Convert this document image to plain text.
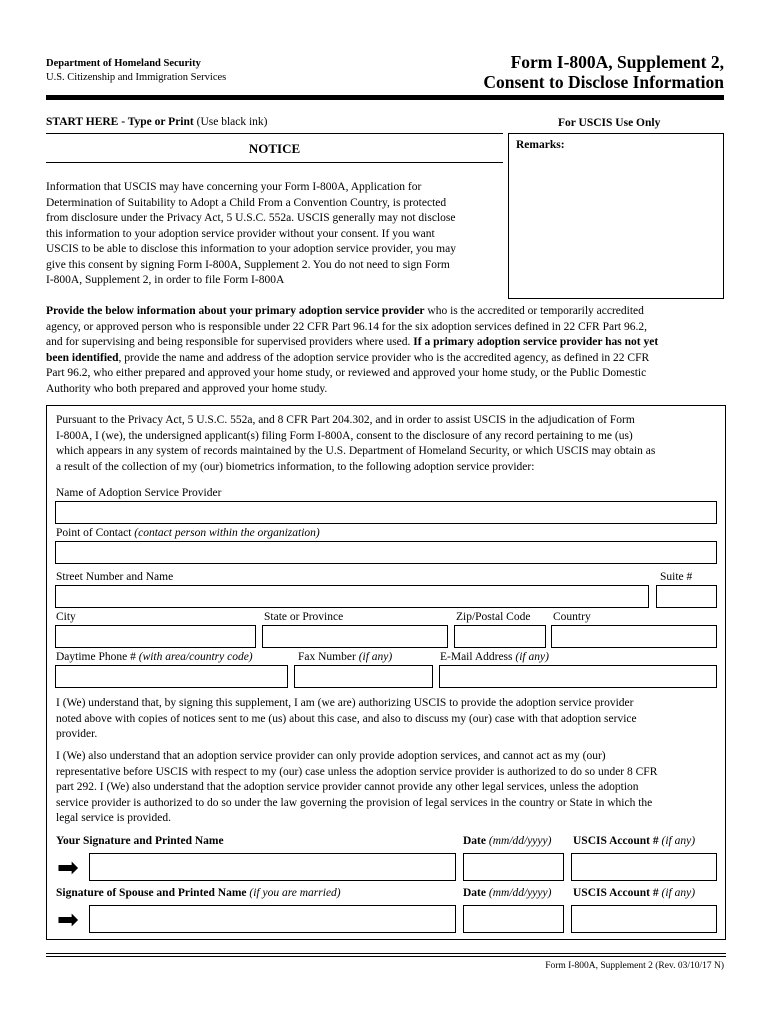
Department of Homeland Security
U.S. Citizenship and Immigration Services
Form I-800A, Supplement 2,
Consent to Disclose Information
START HERE - Type or Print (Use black ink)	For USCIS Use Only
NOTICE	Remarks:
Information that USCIS may have concerning your Form I-800A, Application for
Determination of Suitability to Adopt a Child From a Convention Country, is protected
from disclosure under the Privacy Act, 5 U.S.C. 552a. USCIS generally may not disclose
this information to your adoption service provider without your consent. If you want
USCIS to be able to disclose this information to your adoption service provider, you may
give this consent by signing Form I-800A, Supplement 2. You do not need to sign Form
I-800A, Supplement 2, in order to file Form I-800A
Provide the below information about your primary adoption service provider who is the accredited or temporarily accredited
agency, or approved person who is responsible under 22 CFR Part 96.14 for the six adoption services defined in 22 CFR Part 96.2,
and for supervising and being responsible for supervised providers where used. If a primary adoption service provider has not yet
been identified, provide the name and address of the adoption service provider who is the accredited agency, as defined in 22 CFR
Part 96.2, who either prepared and approved your home study, or reviewed and approved your home study, or the Public Domestic
Authority who both prepared and approved your home study.
Pursuant to the Privacy Act, 5 U.S.C. 552a, and 8 CFR Part 204.302, and in order to assist USCIS in the adjudication of Form
I-800A, I (we), the undersigned applicant(s) filing Form I-800A, consent to the disclosure of any record pertaining to me (us)
which appears in any system of records maintained by the U.S. Department of Homeland Security, or which USCIS may obtain as
a result of the collection of my (our) biometrics information, to the following adoption service provider:
Name of Adoption Service Provider
Point of Contact (contact person within the organization)
Street Number and Name	Suite #
City	State or Province	Zip/Postal Code Country
Daytime Phone # (with area/country code)	Fax Number (if any)	E-Mail Address (if any)
I (We) understand that, by signing this supplement, I am (we are) authorizing USCIS to provide the adoption service provider
noted above with copies of notices sent to me (us) about this case, and also to discuss my (our) case with that adoption service
provider.
I (We) also understand that an adoption service provider can only provide adoption services, and cannot act as my (our)
representative before USCIS with respect to my (our) case unless the adoption service provider is authorized to do so under 8 CFR
part 292. I (We) also understand that the adoption service provider cannot provide any other legal services, unless the adoption
service provider is authorized to do so under the law governing the provision of legal services in the country or State in which the
legal service is provided.
Your Signature and Printed Name	Date (mm/dd/yyyy) USCIS Account # (if any)
➡
Signature of Spouse and Printed Name (if you are married)	Date (mm/dd/yyyy) USCIS Account # (if any)
➡
Form I-800A, Supplement 2 (Rev. 03/10/17 N)
